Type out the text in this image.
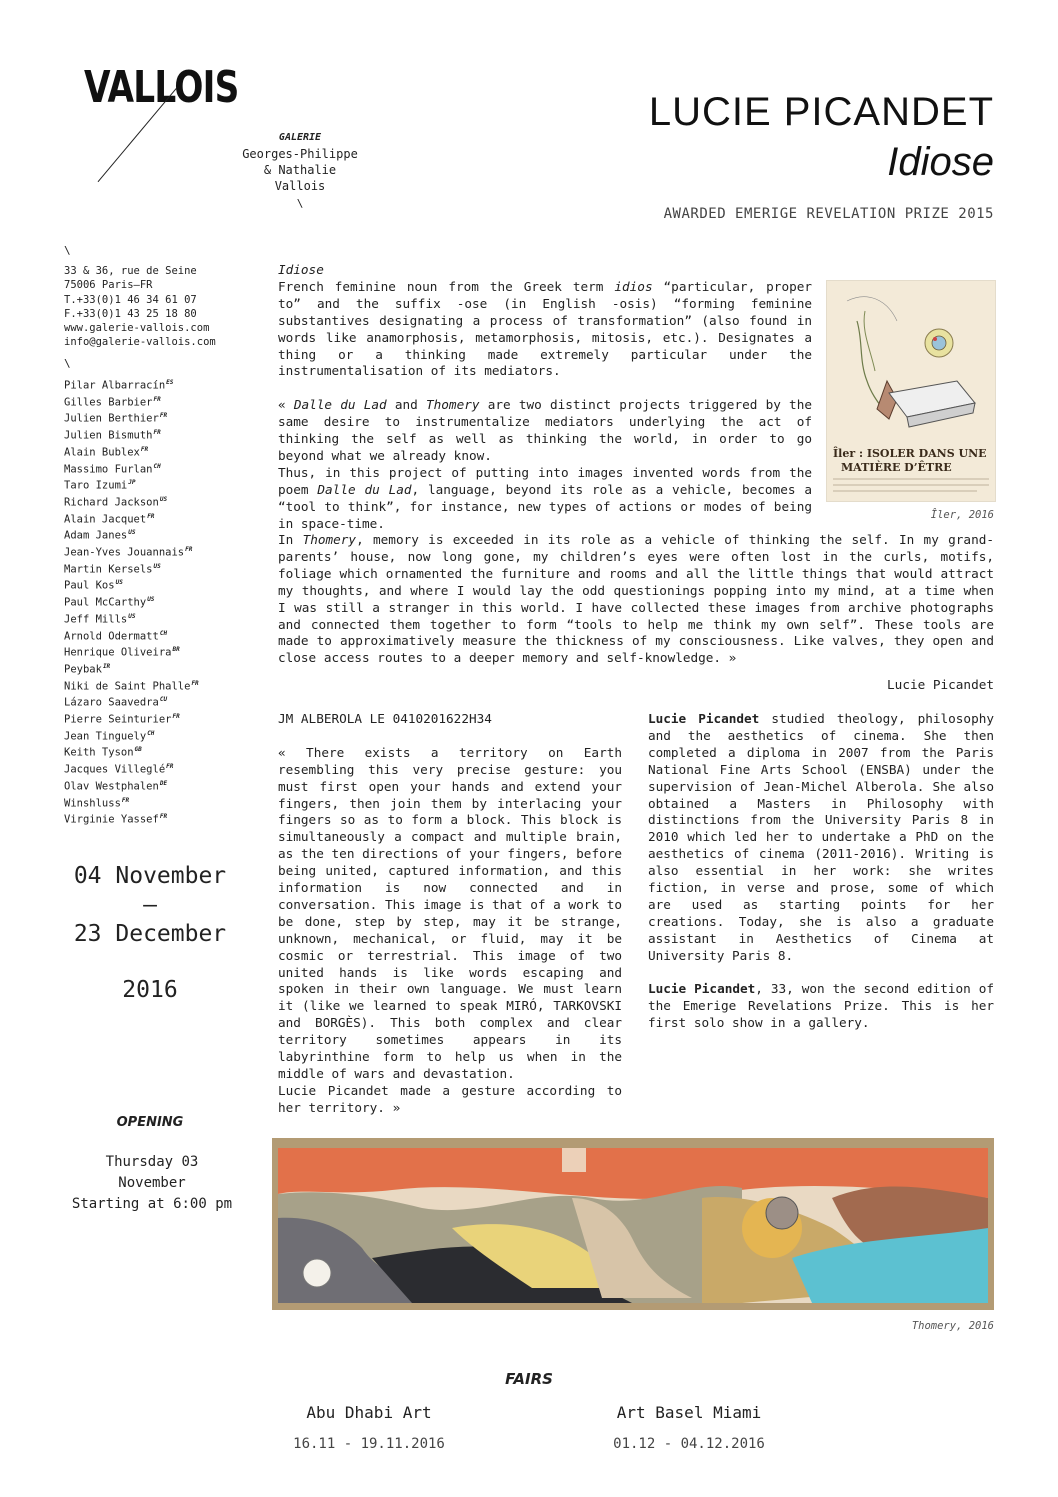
VALLOIS
GALERIE
Georges-Philippe
& Nathalie
Vallois
\
LUCIE PICANDET
Idiose
AWARDED EMERIGE REVELATION PRIZE 2015
\
33 & 36, rue de Seine
75006 Paris—FR
T.+33(0)1 46 34 61 07
F.+33(0)1 43 25 18 80
www.galerie-vallois.com
info@galerie-vallois.com
\
Pilar Albarracín$^{ES}$
Gilles Barbier$^{FR}$
Julien Berthier$^{FR}$
Julien Bismuth$^{FR}$
Alain Bublex$^{FR}$
Massimo Furlan$^{CH}$
Taro Izumi$^{JP}$
Richard Jackson$^{US}$
Alain Jacquet$^{FR}$
Adam Janes$^{US}$
Jean-Yves Jouannais$^{FR}$
Martin Kersels$^{US}$
Paul Kos$^{US}$
Paul McCarthy$^{US}$
Jeff Mills$^{US}$
Arnold Odermatt$^{CH}$
Henrique Oliveira$^{BR}$
Peybak$^{IR}$
Niki de Saint Phalle$^{FR}$
Lázaro Saavedra$^{CU}$
Pierre Seinturier$^{FR}$
Jean Tinguely$^{CH}$
Keith Tyson$^{GB}$
Jacques Villeglé$^{FR}$
Olav Westphalen$^{DE}$
Winshluss$^{FR}$
Virginie Yassef$^{FR}$
04 November
—
23 December
2016
OPENING
Thursday 03
November
Starting at 6:00 pm

Idiose

French feminine noun from the Greek term idios “particular, proper to” and the suffix -ose (in English -osis) “forming feminine substantives designating a process of transformation” (also found in words like anamorphosis, metamorphosis, mitosis, etc.). Designates a thing or a thinking made extremely particular under the instrumentalisation of its mediators.

« Dalle du Lad and Thomery are two distinct projects triggered by the same desire to instrumentalize mediators underlying the act of thinking the self as well as thinking the world, in order to go beyond what we already know.

Thus, in this project of putting into images invented words from the poem Dalle du Lad, language, beyond its role as a vehicle, becomes a “tool to think”, for instance, new types of actions or modes of being in space-time.

Îler : ISOLER DANS UNE
MATIÈRE D’ÊTRE
Îler, 2016
In Thomery, memory is exceeded in its role as a vehicle of thinking the self. In my grand-parents’ house, now long gone, my children’s eyes were often lost in the curls, motifs, foliage which ornamented the furniture and rooms and all the little things that would attract my thoughts, and where I would lay the odd questionings popping into my mind, at a time when I was still a stranger in this world. I have collected these images from archive photographs and connected them together to form “tools to help me think my own self”. These tools are made to approximatively measure the thickness of my consciousness. Like valves, they open and close access routes to a deeper memory and self-knowledge. »
Lucie Picandet

JM ALBEROLA LE 0410201622H34

« There exists a territory on Earth resembling this very precise gesture: you must first open your hands and extend your fingers, then join them by interlacing your fingers so as to form a block. This block is simultaneously a compact and multiple brain, as the ten directions of your fingers, before being united, captured information, and this information is now connected and in conversation. This image is that of a work to be done, step by step, may it be strange, unknown, mechanical, or fluid, may it be cosmic or terrestrial. This image of two united hands is like words escaping and spoken in their own language. We must learn it (like we learned to speak MIRÓ, TARKOVSKI and BORGÈS). This both complex and clear territory sometimes appears in its labyrinthine form to help us when in the middle of wars and devastation.

Lucie Picandet made a gesture according to her territory. »

Lucie Picandet studied theology, philosophy and the aesthetics of cinema. She then completed a diploma in 2007 from the Paris National Fine Arts School (ENSBA) under the supervision of Jean-Michel Alberola. She also obtained a Masters in Philosophy with distinctions from the University Paris 8 in 2010 which led her to undertake a PhD on the aesthetics of cinema (2011-2016). Writing is also essential in her work: she writes fiction, in verse and prose, some of which are used as starting points for her creations. Today, she is also a graduate assistant in Aesthetics of Cinema at University Paris 8.

Lucie Picandet, 33, won the second edition of the Emerige Revelations Prize. This is her first solo show in a gallery.

Thomery, 2016
FAIRS
Abu Dhabi Art
16.11 - 19.11.2016
Art Basel Miami
01.12 - 04.12.2016
